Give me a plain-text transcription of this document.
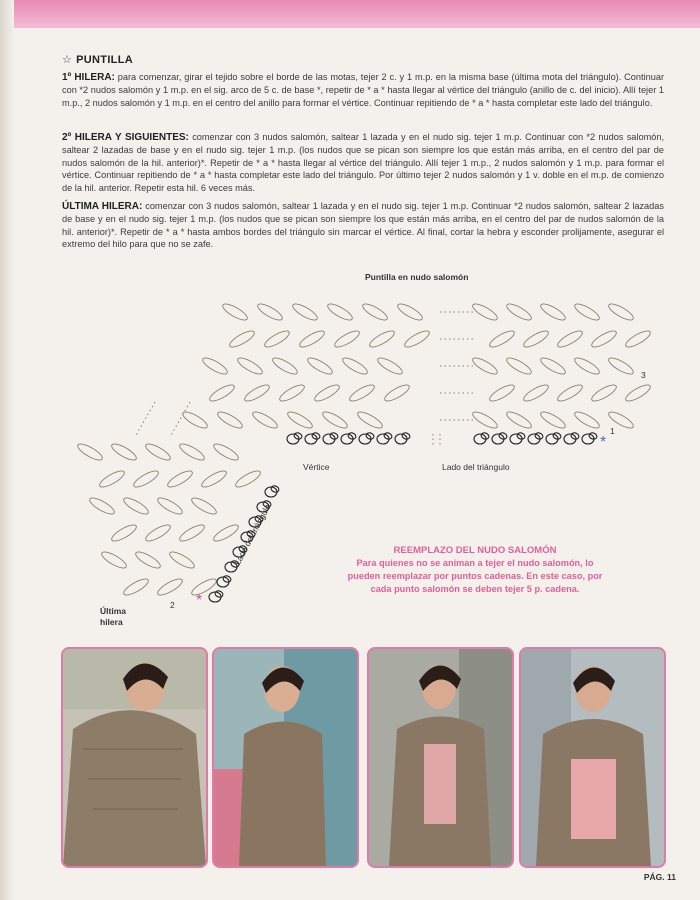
☆ PUNTILLA
1º HILERA: para comenzar, girar el tejido sobre el borde de las motas, tejer 2 c. y 1 m.p. en la misma base (última mota del triángulo). Continuar con *2 nudos salomón y 1 m.p. en el sig. arco de 5 c. de base *, repetir de * a * hasta llegar al vértice del triángulo (anillo de c. del inicio). Allí tejer 1 m.p., 2 nudos salomón y 1 m.p. en el centro del anillo para formar el vértice. Continuar repitiendo de * a * hasta completar este lado del triángulo.
2º HILERA Y SIGUIENTES: comenzar con 3 nudos salomón, saltear 1 lazada y en el nudo sig. tejer 1 m.p. Continuar con *2 nudos salomón, saltear 2 lazadas de base y en el nudo sig. tejer 1 m.p. (los nudos que se pican son siempre los que están más arriba, en el centro del par de nudos salomón de la hil. anterior)*. Repetir de * a * hasta llegar al vértice del triángulo. Allí tejer 1 m.p., 2 nudos salomón y 1 m.p. para formar el vértice. Continuar repitiendo de * a * hasta completar este lado del triángulo. Por último tejer 2 nudos salomón y 1 v. doble en el m.p. de comienzo de la hil. anterior. Repetir esta hil. 6 veces más.
ÚLTIMA HILERA: comenzar con 3 nudos salomón, saltear 1 lazada y en el nudo sig. tejer 1 m.p. Continuar *2 nudos salomón, saltear 2 lazadas de base y en el nudo sig. tejer 1 m.p. (los nudos que se pican son siempre los que están más arriba, en el centro del par de nudos salomón de la hil. anterior)*. Repetir de * a * hasta ambos bordes del triángulo sin marcar el vértice. Al final, cortar la hebra y esconder prolijamente, asegurar el extremo del hilo para que no se zafe.
Puntilla en nudo salomón
Vértice	Lado del triángulo
Lado del triángulo
Última
hilera
1
2
3
*
*
REEMPLAZO DEL NUDO SALOMÓN
Para quienes no se animan a tejer el nudo salomón, lo pueden reemplazar por puntos cadenas. En este caso, por cada punto salomón se deben tejer 5 p. cadena.
PÁG. 11
